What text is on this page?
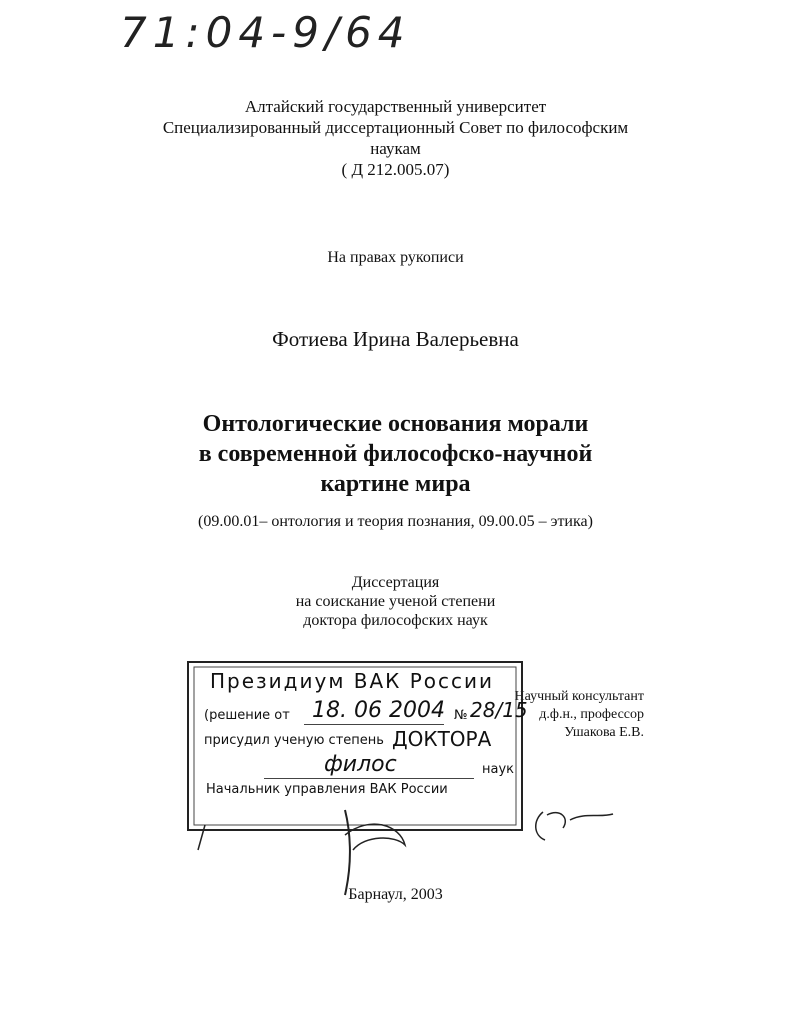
71:04-9/64
Алтайский государственный университет
Специализированный диссертационный Совет по философским
наукам
( Д 212.005.07)
На правах рукописи
Фотиева Ирина Валерьевна
Онтологические основания морали
в современной философско-научной
картине мира
(09.00.01– онтология и теория познания, 09.00.05 – этика)
Диссертация
на соискание ученой степени
доктора философских наук
Научный консультант
д.ф.н., профессор
Ушакова Е.В.
Президиум ВАК России
(решение от 18. 06 2004 № 28/15
присудил ученую степень ДОКТОРА
филос	наук
Начальник управления ВАК России
Барнаул, 2003
